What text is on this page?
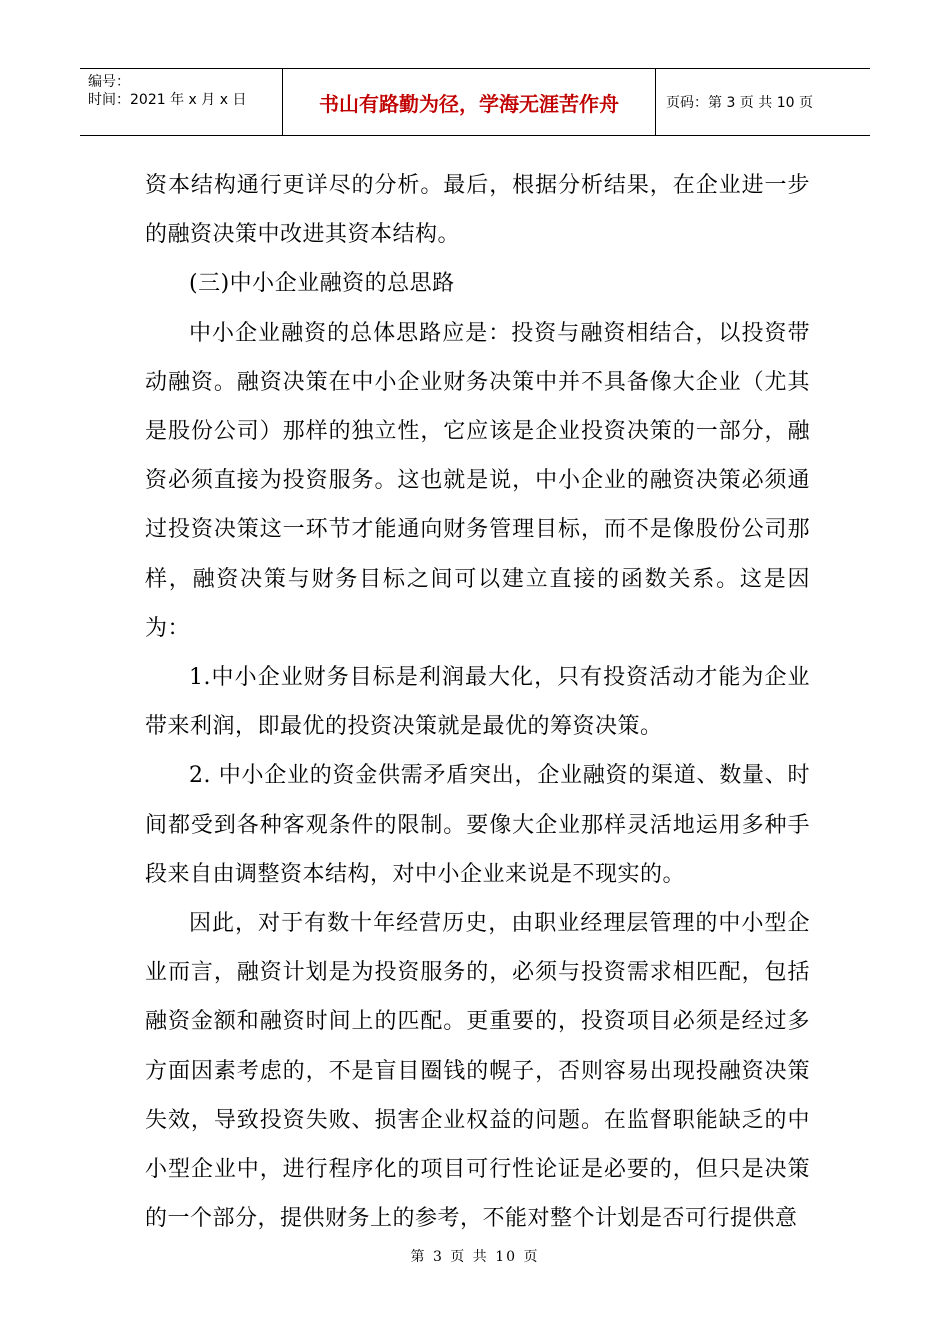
编号：
时间：2021 年 x 月 x 日	书山有路勤为径，学海无涯苦作舟	页码：第 3 页 共 10 页

资本结构通行更详尽的分析。最后，根据分析结果，在企业进一步的融资决策中改进其资本结构。

(三)中小企业融资的总思路

中小企业融资的总体思路应是：投资与融资相结合，以投资带动融资。融资决策在中小企业财务决策中并不具备像大企业（尤其是股份公司）那样的独立性，它应该是企业投资决策的一部分，融资必须直接为投资服务。这也就是说，中小企业的融资决策必须通过投资决策这一环节才能通向财务管理目标，而不是像股份公司那样，融资决策与财务目标之间可以建立直接的函数关系。这是因为：

1.中小企业财务目标是利润最大化，只有投资活动才能为企业带来利润，即最优的投资决策就是最优的筹资决策。

2. 中小企业的资金供需矛盾突出，企业融资的渠道、数量、时间都受到各种客观条件的限制。要像大企业那样灵活地运用多种手段来自由调整资本结构，对中小企业来说是不现实的。

因此，对于有数十年经营历史，由职业经理层管理的中小型企业而言，融资计划是为投资服务的，必须与投资需求相匹配，包括融资金额和融资时间上的匹配。更重要的，投资项目必须是经过多方面因素考虑的，不是盲目圈钱的幌子，否则容易出现投融资决策失效，导致投资失败、损害企业权益的问题。在监督职能缺乏的中小型企业中，进行程序化的项目可行性论证是必要的，但只是决策的一个部分，提供财务上的参考，不能对整个计划是否可行提供意

第 3 页 共 10 页
